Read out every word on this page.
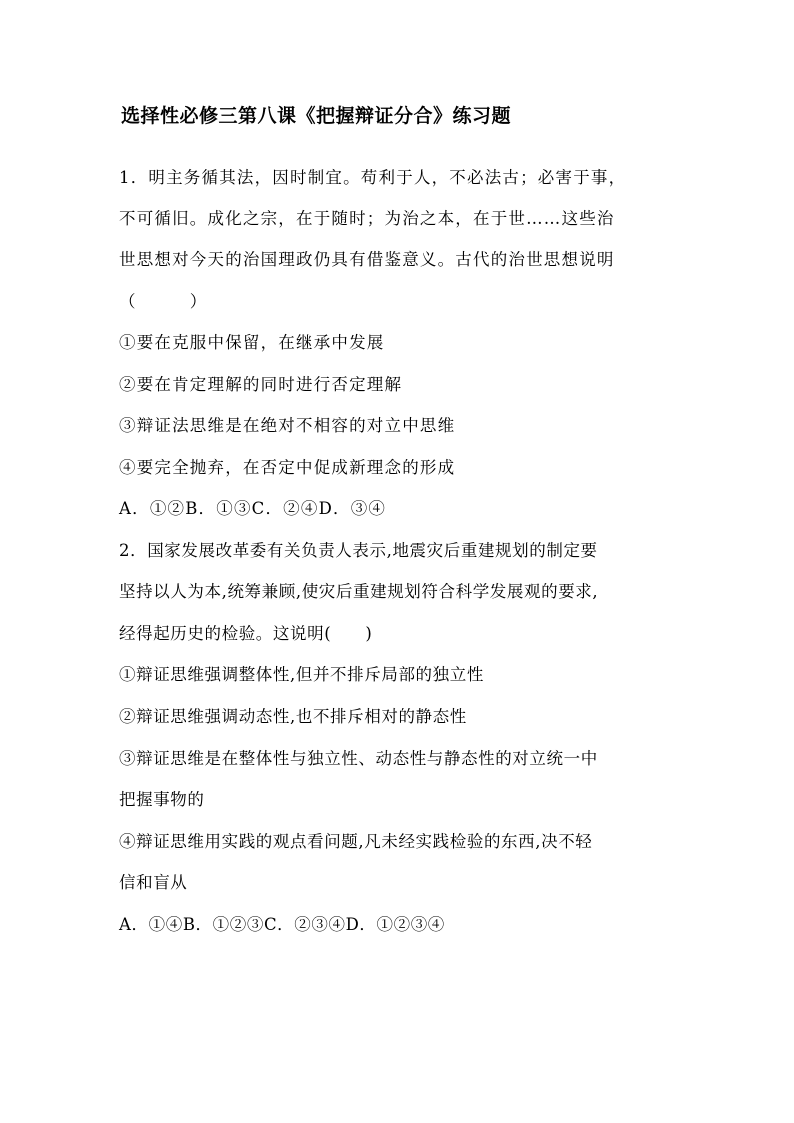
选择性必修三第八课《把握辩证分合》练习题
1．明主务循其法，因时制宜。苟利于人，不必法古；必害于事，
不可循旧。成化之宗，在于随时；为治之本，在于世……这些治
世思想对今天的治国理政仍具有借鉴意义。古代的治世思想说明
（　　　）
①要在克服中保留，在继承中发展
②要在肯定理解的同时进行否定理解
③辩证法思维是在绝对不相容的对立中思维
④要完全抛弃，在否定中促成新理念的形成
A．①②B．①③C．②④D．③④
2．国家发展改革委有关负责人表示,地震灾后重建规划的制定要
坚持以人为本,统筹兼顾,使灾后重建规划符合科学发展观的要求,
经得起历史的检验。这说明(　　)
①辩证思维强调整体性,但并不排斥局部的独立性
②辩证思维强调动态性,也不排斥相对的静态性
③辩证思维是在整体性与独立性、动态性与静态性的对立统一中
把握事物的
④辩证思维用实践的观点看问题,凡未经实践检验的东西,决不轻
信和盲从
A．①④B．①②③C．②③④D．①②③④
